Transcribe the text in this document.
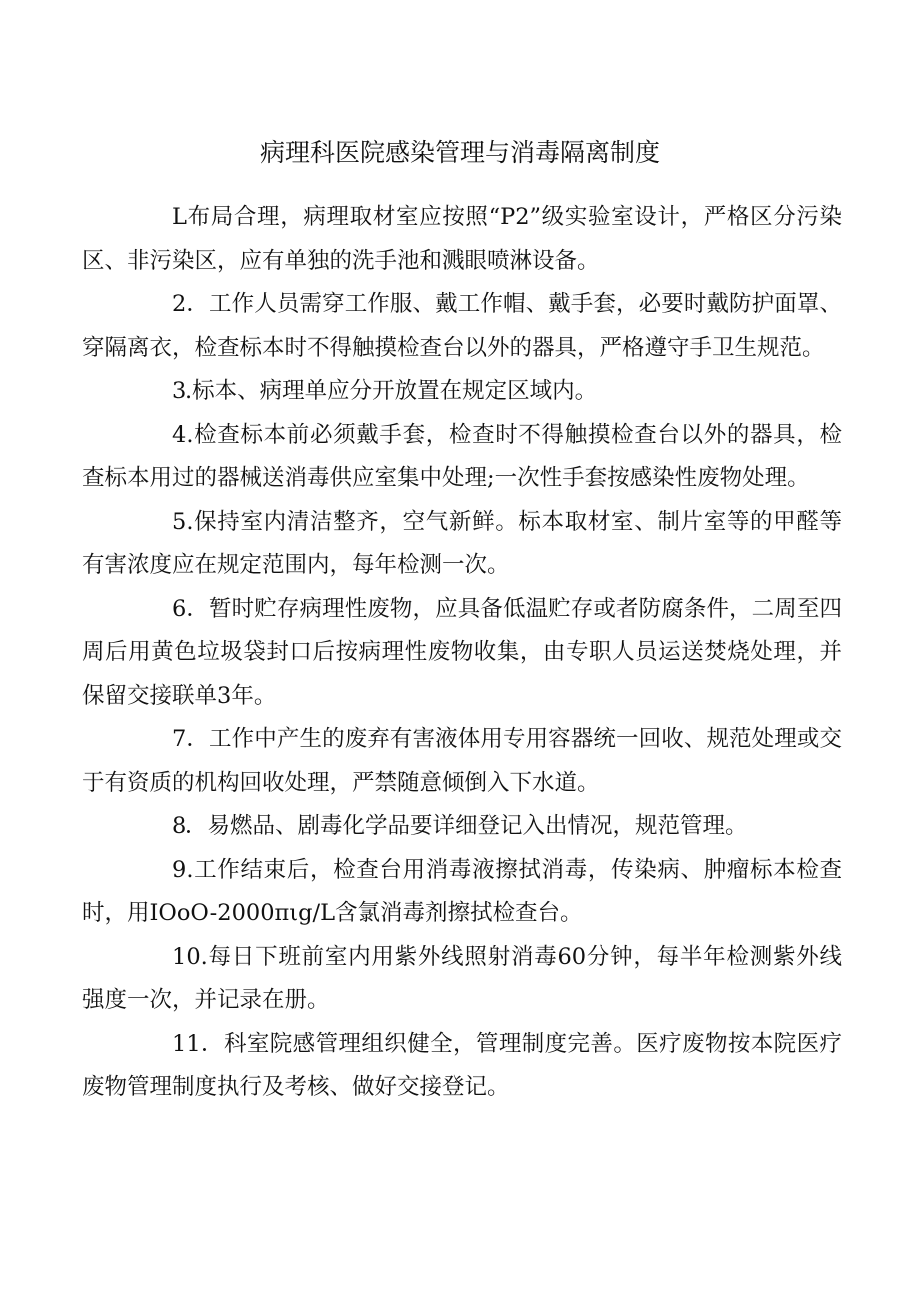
病理科医院感染管理与消毒隔离制度

L布局合理，病理取材室应按照“P2”级实验室设计，严格区分污染区、非污染区，应有单独的洗手池和溅眼喷淋设备。

2．工作人员需穿工作服、戴工作帽、戴手套，必要时戴防护面罩、穿隔离衣，检查标本时不得触摸检查台以外的器具，严格遵守手卫生规范。

3.标本、病理单应分开放置在规定区域内。

4.检查标本前必须戴手套，检查时不得触摸检查台以外的器具，检查标本用过的器械送消毒供应室集中处理;一次性手套按感染性废物处理。

5.保持室内清洁整齐，空气新鲜。标本取材室、制片室等的甲醛等有害浓度应在规定范围内，每年检测一次。

6．暂时贮存病理性废物，应具备低温贮存或者防腐条件，二周至四周后用黄色垃圾袋封口后按病理性废物收集，由专职人员运送焚烧处理，并保留交接联单3年。

7．工作中产生的废弃有害液体用专用容器统一回收、规范处理或交于有资质的机构回收处理，严禁随意倾倒入下水道。

8．易燃品、剧毒化学品要详细登记入出情况，规范管理。

9.工作结束后，检查台用消毒液擦拭消毒，传染病、肿瘤标本检查时，用IOoO-2000πιg∕L含氯消毒剂擦拭检查台。

10.每日下班前室内用紫外线照射消毒60分钟，每半年检测紫外线强度一次，并记录在册。

11．科室院感管理组织健全，管理制度完善。医疗废物按本院医疗废物管理制度执行及考核、做好交接登记。
